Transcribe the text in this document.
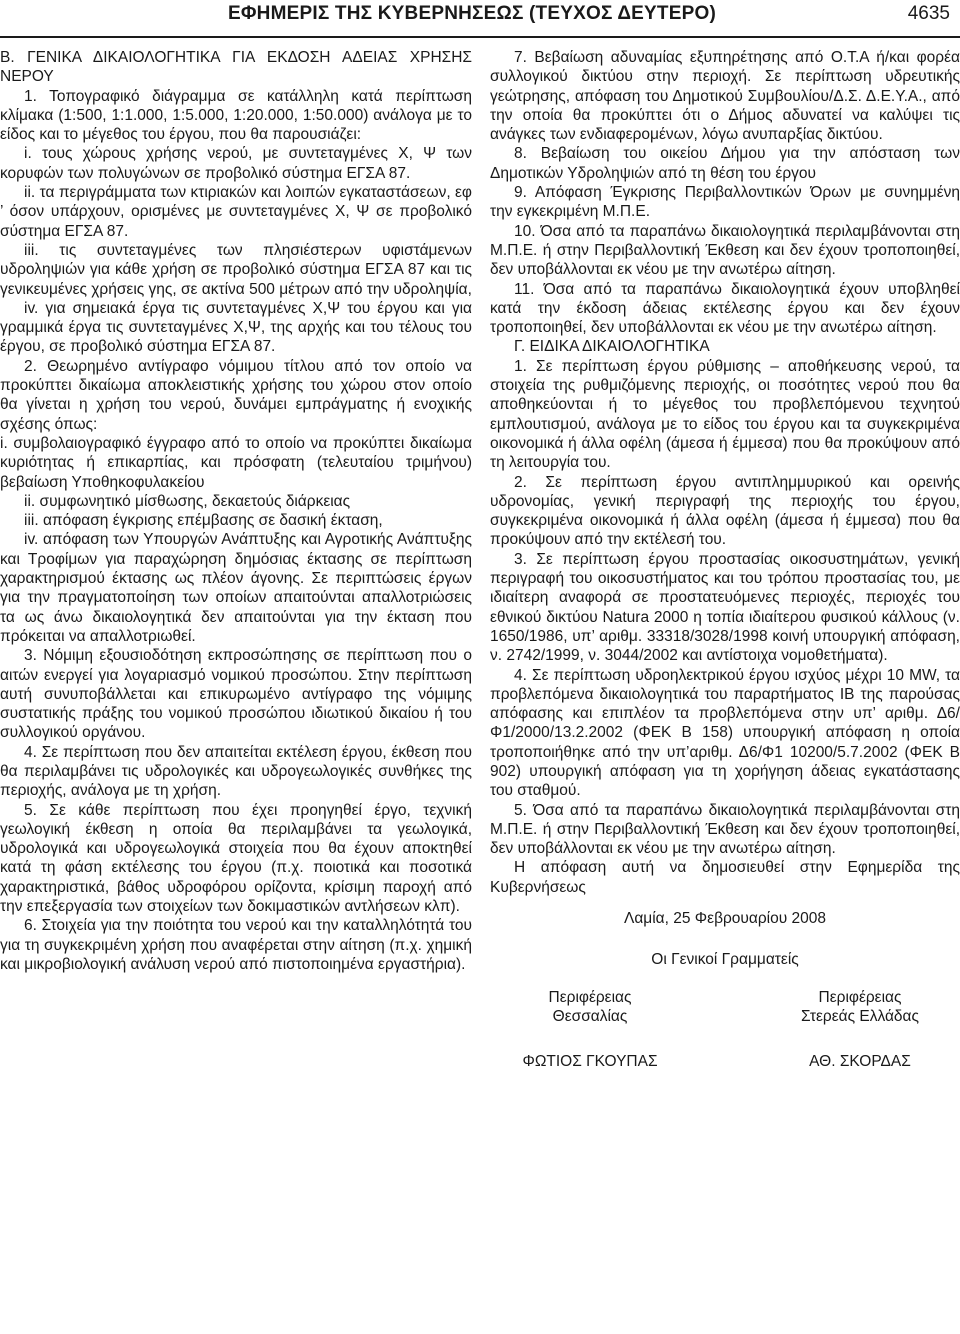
ΕΦΗΜΕΡΙΣ ΤΗΣ ΚΥΒΕΡΝΗΣΕΩΣ (ΤΕΥΧΟΣ ΔΕΥΤΕΡΟ)	4635

Β. ΓΕΝΙΚΑ ΔΙΚΑΙΟΛΟΓΗΤΙΚΑ ΓΙΑ ΕΚΔΟΣΗ ΑΔΕΙΑΣ ΧΡΗΣΗΣ ΝΕΡΟΥ

1. Τοπογραφικό διάγραμμα σε κατάλληλη κατά περίπτωση κλίμακα (1:500, 1:1.000, 1:5.000, 1:20.000, 1:50.000) ανάλογα με το είδος και το μέγεθος του έργου, που θα παρουσιάζει:

i. τους χώρους χρήσης νερού, με συντεταγμένες Χ, Ψ των κορυφών των πολυγώνων σε προβολικό σύστημα ΕΓΣΑ 87.

ii. τα περιγράμματα των κτιριακών και λοιπών εγκαταστάσεων, εφ ’ όσον υπάρχουν, ορισμένες με συντεταγμένες Χ, Ψ σε προβολικό σύστημα ΕΓΣΑ 87.

iii. τις συντεταγμένες των πλησιέστερων υφιστάμενων υδροληψιών για κάθε χρήση σε προβολικό σύστημα ΕΓΣΑ 87 και τις γενικευμένες χρήσεις γης, σε ακτίνα 500 μέτρων από την υδροληψία,

iv. για σημειακά έργα τις συντεταγμένες Χ,Ψ του έργου και για γραμμικά έργα τις συντεταγμένες Χ,Ψ, της αρχής και του τέλους του έργου, σε προβολικό σύστημα ΕΓΣΑ 87.

2. Θεωρημένο αντίγραφο νόμιμου τίτλου από τον οποίο να προκύπτει δικαίωμα αποκλειστικής χρήσης του χώρου στον οποίο θα γίνεται η χρήση του νερού, δυνάμει εμπράγματης ή ενοχικής σχέσης όπως:

i. συμβολαιογραφικό έγγραφο από το οποίο να προκύπτει δικαίωμα κυριότητας ή επικαρπίας, και πρόσφατη (τελευταίου τριμήνου) βεβαίωση Υποθηκοφυλακείου

ii. συμφωνητικό μίσθωσης, δεκαετούς διάρκειας

iii. απόφαση έγκρισης επέμβασης σε δασική έκταση,

iv. απόφαση των Υπουργών Ανάπτυξης και Αγροτικής Ανάπτυξης και Τροφίμων για παραχώρηση δημόσιας έκτασης σε περίπτωση χαρακτηρισμού έκτασης ως πλέον άγονης. Σε περιπτώσεις έργων για την πραγματοποίηση των οποίων απαιτούνται απαλλοτριώσεις τα ως άνω δικαιολογητικά δεν απαιτούνται για την έκταση που πρόκειται να απαλλοτριωθεί.

3. Νόμιμη εξουσιοδότηση εκπροσώπησης σε περίπτωση που ο αιτών ενεργεί για λογαριασμό νομικού προσώπου. Στην περίπτωση αυτή συνυποβάλλεται και επικυρωμένο αντίγραφο της νόμιμης συστατικής πράξης του νομικού προσώπου ιδιωτικού δικαίου ή του συλλογικού οργάνου.

4. Σε περίπτωση που δεν απαιτείται εκτέλεση έργου, έκθεση που θα περιλαμβάνει τις υδρολογικές και υδρογεωλογικές συνθήκες της περιοχής, ανάλογα με τη χρήση.

5. Σε κάθε περίπτωση που έχει προηγηθεί έργο, τεχνική γεωλογική έκθεση η οποία θα περιλαμβάνει τα γεωλογικά, υδρολογικά και υδρογεωλογικά στοιχεία που θα έχουν αποκτηθεί κατά τη φάση εκτέλεσης του έργου (π.χ. ποιοτικά και ποσοτικά χαρακτηριστικά, βάθος υδροφόρου ορίζοντα, κρίσιμη παροχή από την επεξεργασία των στοιχείων των δοκιμαστικών αντλήσεων κλπ).

6. Στοιχεία για την ποιότητα του νερού και την καταλληλότητά του για τη συγκεκριμένη χρήση που αναφέρεται στην αίτηση (π.χ. χημική και μικροβιολογική ανάλυση νερού από πιστοποιημένα εργαστήρια).

7. Βεβαίωση αδυναμίας εξυπηρέτησης από Ο.Τ.Α ή/και φορέα συλλογικού δικτύου στην περιοχή. Σε περίπτωση υδρευτικής γεώτρησης, απόφαση του Δημοτικού Συμβουλίου/Δ.Σ. Δ.Ε.Υ.Α., από την οποία θα προκύπτει ότι ο Δήμος αδυνατεί να καλύψει τις ανάγκες των ενδιαφερομένων, λόγω ανυπαρξίας δικτύου.

8. Βεβαίωση του οικείου Δήμου για την απόσταση των Δημοτικών Υδροληψιών από τη θέση του έργου

9. Απόφαση Έγκρισης Περιβαλλοντικών Όρων με συνημμένη την εγκεκριμένη Μ.Π.Ε.

10. Όσα από τα παραπάνω δικαιολογητικά περιλαμβάνονται στη Μ.Π.Ε. ή στην Περιβαλλοντική Έκθεση και δεν έχουν τροποποιηθεί, δεν υποβάλλονται εκ νέου με την ανωτέρω αίτηση.

11. Όσα από τα παραπάνω δικαιολογητικά έχουν υποβληθεί κατά την έκδοση άδειας εκτέλεσης έργου και δεν έχουν τροποποιηθεί, δεν υποβάλλονται εκ νέου με την ανωτέρω αίτηση.

Γ. ΕΙΔΙΚΑ ΔΙΚΑΙΟΛΟΓΗΤΙΚΑ

1. Σε περίπτωση έργου ρύθμισης – αποθήκευσης νερού, τα στοιχεία της ρυθμιζόμενης περιοχής, οι ποσότητες νερού που θα αποθηκεύονται ή το μέγεθος του προβλεπόμενου τεχνητού εμπλουτισμού, ανάλογα με το είδος του έργου και τα συγκεκριμένα οικονομικά ή άλλα οφέλη (άμεσα ή έμμεσα) που θα προκύψουν από τη λειτουργία του.

2. Σε περίπτωση έργου αντιπλημμυρικού και ορεινής υδρονομίας, γενική περιγραφή της περιοχής του έργου, συγκεκριμένα οικονομικά ή άλλα οφέλη (άμεσα ή έμμεσα) που θα προκύψουν από την εκτέλεσή του.

3. Σε περίπτωση έργου προστασίας οικοσυστημάτων, γενική περιγραφή του οικοσυστήματος και του τρόπου προστασίας του, με ιδιαίτερη αναφορά σε προστατευόμενες περιοχές, περιοχές του εθνικού δικτύου Natura 2000 η τοπία ιδιαίτερου φυσικού κάλλους (ν. 1650/1986, υπ’ αριθμ. 33318/3028/1998 κοινή υπουργική απόφαση, ν. 2742/1999, ν. 3044/2002 και αντίστοιχα νομοθετήματα).

4. Σε περίπτωση υδροηλεκτρικού έργου ισχύος μέχρι 10 MW, τα προβλεπόμενα δικαιολογητικά του παραρτήματος ΙΒ της παρούσας απόφασης και επιπλέον τα προβλεπόμενα στην υπ’ αριθμ. Δ6/Φ1/2000/13.2.2002 (ΦΕΚ Β 158) υπουργική απόφαση η οποία τροποποιήθηκε από την υπ’αριθμ. Δ6/Φ1 10200/5.7.2002 (ΦΕΚ Β 902) υπουργική απόφαση για τη χορήγηση άδειας εγκατάστασης του σταθμού.

5. Όσα από τα παραπάνω δικαιολογητικά περιλαμβάνονται στη Μ.Π.Ε. ή στην Περιβαλλοντική Έκθεση και δεν έχουν τροποποιηθεί, δεν υποβάλλονται εκ νέου με την ανωτέρω αίτηση.

Η απόφαση αυτή να δημοσιευθεί στην Εφημερίδα της Κυβερνήσεως

Λαμία, 25 Φεβρουαρίου 2008

Οι Γενικοί Γραμματείς

Περιφέρειας
Θεσσαλίας
ΦΩΤΙΟΣ ΓΚΟΥΠΑΣ
Περιφέρειας
Στερεάς Ελλάδας
ΑΘ. ΣΚΟΡΔΑΣ
